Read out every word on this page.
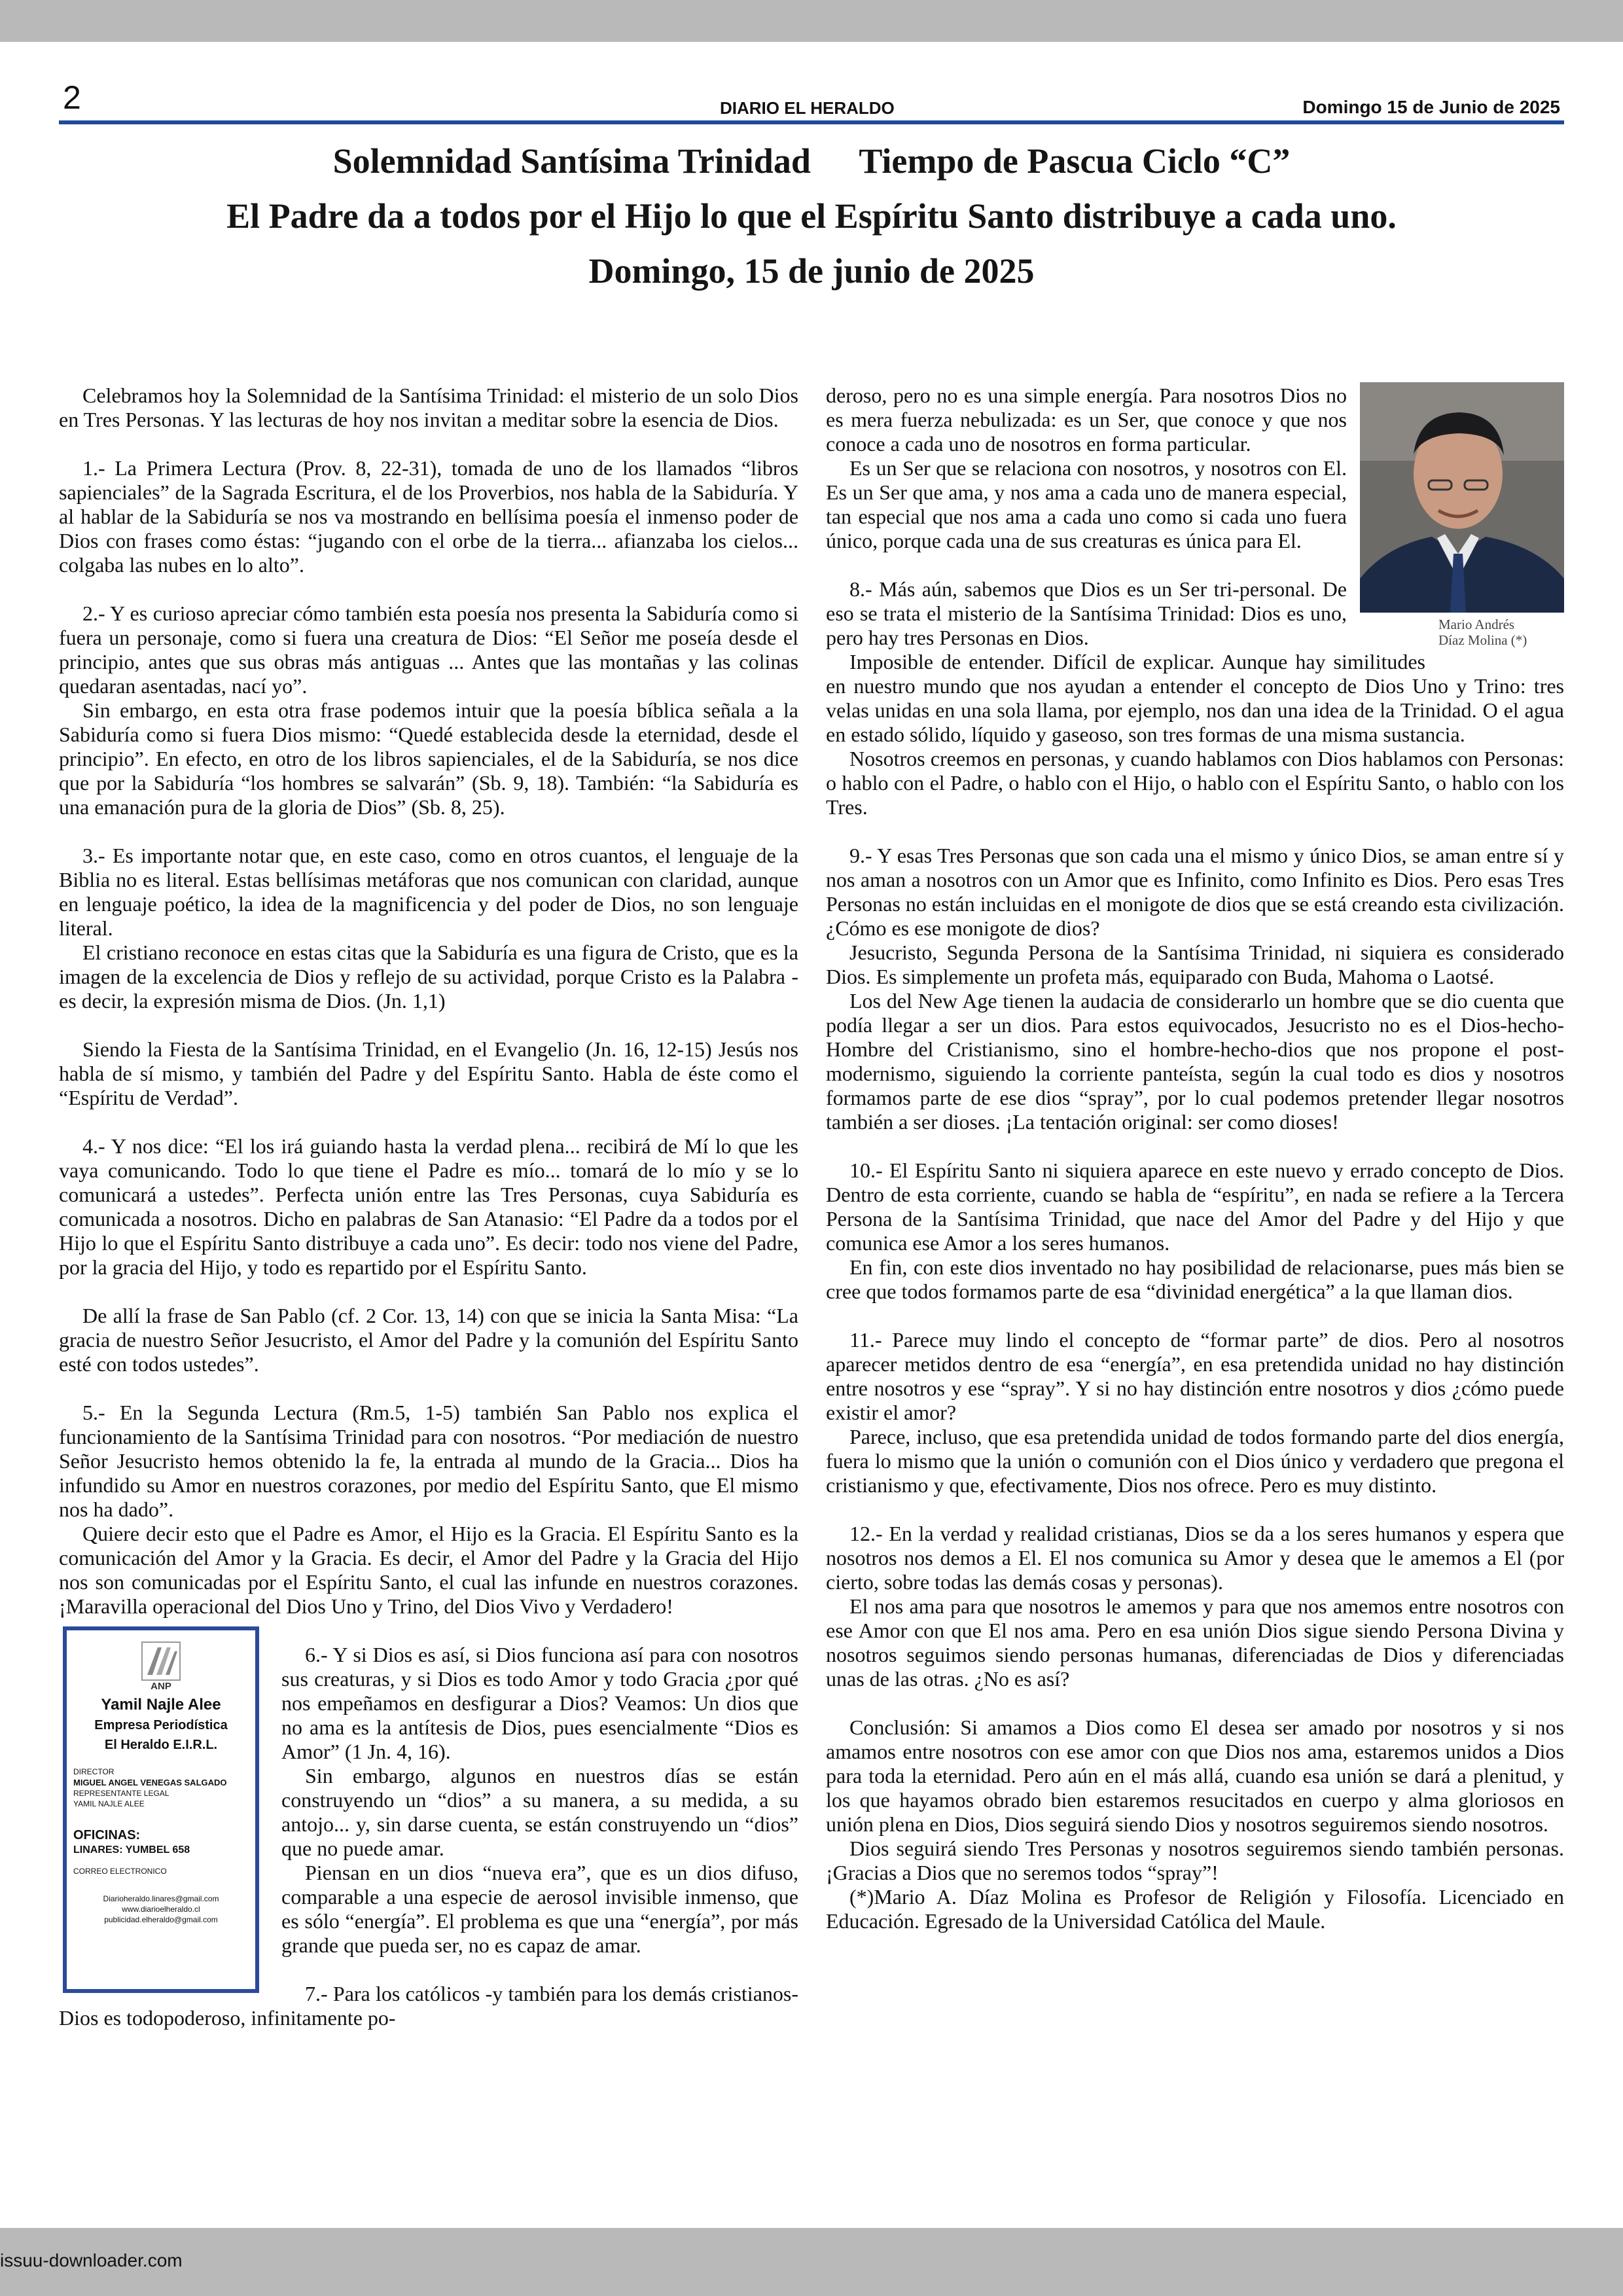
2	DIARIO EL HERALDO	Domingo 15 de Junio de 2025
Solemnidad Santísima Trinidad Tiempo de Pascua Ciclo “C”
El Padre da a todos por el Hijo lo que el Espíritu Santo distribuye a cada uno.
Domingo, 15 de junio de 2025

Celebramos hoy la Solemnidad de la Santísima Trinidad: el misterio de un solo Dios en Tres Personas. Y las lecturas de hoy nos invitan a meditar sobre la esencia de Dios.

1.- La Primera Lectura (Prov. 8, 22-31), tomada de uno de los llamados “libros sapienciales” de la Sagrada Escritura, el de los Proverbios, nos habla de la Sabiduría. Y al hablar de la Sabiduría se nos va mostrando en bellísima poesía el inmenso poder de Dios con frases como éstas: “jugando con el orbe de la tierra... afianzaba los cielos... colgaba las nubes en lo alto”.

2.- Y es curioso apreciar cómo también esta poesía nos presenta la Sabiduría como si fuera un personaje, como si fuera una creatura de Dios: “El Señor me poseía desde el principio, antes que sus obras más antiguas ... Antes que las montañas y las colinas quedaran asentadas, nací yo”.

Sin embargo, en esta otra frase podemos intuir que la poesía bíblica señala a la Sabiduría como si fuera Dios mismo: “Quedé establecida desde la eternidad, desde el principio”. En efecto, en otro de los libros sapienciales, el de la Sabiduría, se nos dice que por la Sabiduría “los hombres se salvarán” (Sb. 9, 18). También: “la Sabiduría es una emanación pura de la gloria de Dios” (Sb. 8, 25).

3.- Es importante notar que, en este caso, como en otros cuantos, el lenguaje de la Biblia no es literal. Estas bellísimas metáforas que nos comunican con claridad, aunque en lenguaje poético, la idea de la magnificencia y del poder de Dios, no son lenguaje literal.

El cristiano reconoce en estas citas que la Sabiduría es una figura de Cristo, que es la imagen de la excelencia de Dios y reflejo de su actividad, porque Cristo es la Palabra -es decir, la expresión misma de Dios. (Jn. 1,1)

Siendo la Fiesta de la Santísima Trinidad, en el Evangelio (Jn. 16, 12-15) Jesús nos habla de sí mismo, y también del Padre y del Espíritu Santo. Habla de éste como el “Espíritu de Verdad”.

4.- Y nos dice: “El los irá guiando hasta la verdad plena... recibirá de Mí lo que les vaya comunicando. Todo lo que tiene el Padre es mío... tomará de lo mío y se lo comunicará a ustedes”. Perfecta unión entre las Tres Personas, cuya Sabiduría es comunicada a nosotros. Dicho en palabras de San Atanasio: “El Padre da a todos por el Hijo lo que el Espíritu Santo distribuye a cada uno”. Es decir: todo nos viene del Padre, por la gracia del Hijo, y todo es repartido por el Espíritu Santo.

De allí la frase de San Pablo (cf. 2 Cor. 13, 14) con que se inicia la Santa Misa: “La gracia de nuestro Señor Jesucristo, el Amor del Padre y la comunión del Espíritu Santo esté con todos ustedes”.

5.- En la Segunda Lectura (Rm.5, 1-5) también San Pablo nos explica el funcionamiento de la Santísima Trinidad para con nosotros. “Por mediación de nuestro Señor Jesucristo hemos obtenido la fe, la entrada al mundo de la Gracia... Dios ha infundido su Amor en nuestros corazones, por medio del Espíritu Santo, que El mismo nos ha dado”.

Quiere decir esto que el Padre es Amor, el Hijo es la Gracia. El Espíritu Santo es la comunicación del Amor y la Gracia. Es decir, el Amor del Padre y la Gracia del Hijo nos son comunicadas por el Espíritu Santo, el cual las infunde en nuestros corazones. ¡Maravilla operacional del Dios Uno y Trino, del Dios Vivo y Verdadero!

ANP
Yamil Najle Alee
Empresa Periodística
El Heraldo E.I.R.L.
DIRECTOR
MIGUEL ANGEL VENEGAS SALGADO
REPRESENTANTE LEGAL
YAMIL NAJLE ALEE
OFICINAS:
LINARES: YUMBEL 658
CORREO ELECTRONICO
Diarioheraldo.linares@gmail.com
www.diarioelheraldo.cl
publicidad.elheraldo@gmail.com

6.- Y si Dios es así, si Dios funciona así para con nosotros sus creaturas, y si Dios es todo Amor y todo Gracia ¿por qué nos empeñamos en desfigurar a Dios? Veamos: Un dios que no ama es la antítesis de Dios, pues esencialmente “Dios es Amor” (1 Jn. 4, 16).

Sin embargo, algunos en nuestros días se están construyendo un “dios” a su manera, a su medida, a su antojo... y, sin darse cuenta, se están construyendo un “dios” que no puede amar.

Piensan en un dios “nueva era”, que es un dios difuso, comparable a una especie de aerosol invisible inmenso, que es sólo “energía”. El problema es que una “energía”, por más grande que pueda ser, no es capaz de amar.

7.- Para los católicos -y también para los demás cristianos- Dios es todopoderoso, infinitamente po-

Mario Andrés
Díaz Molina (*)

deroso, pero no es una simple energía. Para nosotros Dios no es mera fuerza nebulizada: es un Ser, que conoce y que nos conoce a cada uno de nosotros en forma particular.

Es un Ser que se relaciona con nosotros, y nosotros con El. Es un Ser que ama, y nos ama a cada uno de manera especial, tan especial que nos ama a cada uno como si cada uno fuera único, porque cada una de sus creaturas es única para El.

8.- Más aún, sabemos que Dios es un Ser tri-personal. De eso se trata el misterio de la Santísima Trinidad: Dios es uno, pero hay tres Personas en Dios.

Imposible de entender. Difícil de explicar. Aunque hay similitudes en nuestro mundo que nos ayudan a entender el concepto de Dios Uno y Trino: tres velas unidas en una sola llama, por ejemplo, nos dan una idea de la Trinidad. O el agua en estado sólido, líquido y gaseoso, son tres formas de una misma sustancia.

Nosotros creemos en personas, y cuando hablamos con Dios hablamos con Personas: o hablo con el Padre, o hablo con el Hijo, o hablo con el Espíritu Santo, o hablo con los Tres.

9.- Y esas Tres Personas que son cada una el mismo y único Dios, se aman entre sí y nos aman a nosotros con un Amor que es Infinito, como Infinito es Dios. Pero esas Tres Personas no están incluidas en el monigote de dios que se está creando esta civilización. ¿Cómo es ese monigote de dios?

Jesucristo, Segunda Persona de la Santísima Trinidad, ni siquiera es considerado Dios. Es simplemente un profeta más, equiparado con Buda, Mahoma o Laotsé.

Los del New Age tienen la audacia de considerarlo un hombre que se dio cuenta que podía llegar a ser un dios. Para estos equivocados, Jesucristo no es el Dios-hecho-Hombre del Cristianismo, sino el hombre-hecho-dios que nos propone el post-modernismo, siguiendo la corriente panteísta, según la cual todo es dios y nosotros formamos parte de ese dios “spray”, por lo cual podemos pretender llegar nosotros también a ser dioses. ¡La tentación original: ser como dioses!

10.- El Espíritu Santo ni siquiera aparece en este nuevo y errado concepto de Dios. Dentro de esta corriente, cuando se habla de “espíritu”, en nada se refiere a la Tercera Persona de la Santísima Trinidad, que nace del Amor del Padre y del Hijo y que comunica ese Amor a los seres humanos.

En fin, con este dios inventado no hay posibilidad de relacionarse, pues más bien se cree que todos formamos parte de esa “divinidad energética” a la que llaman dios.

11.- Parece muy lindo el concepto de “formar parte” de dios. Pero al nosotros aparecer metidos dentro de esa “energía”, en esa pretendida unidad no hay distinción entre nosotros y ese “spray”. Y si no hay distinción entre nosotros y dios ¿cómo puede existir el amor?

Parece, incluso, que esa pretendida unidad de todos formando parte del dios energía, fuera lo mismo que la unión o comunión con el Dios único y verdadero que pregona el cristianismo y que, efectivamente, Dios nos ofrece. Pero es muy distinto.

12.- En la verdad y realidad cristianas, Dios se da a los seres humanos y espera que nosotros nos demos a El. El nos comunica su Amor y desea que le amemos a El (por cierto, sobre todas las demás cosas y personas).

El nos ama para que nosotros le amemos y para que nos amemos entre nosotros con ese Amor con que El nos ama. Pero en esa unión Dios sigue siendo Persona Divina y nosotros seguimos siendo personas humanas, diferenciadas de Dios y diferenciadas unas de las otras. ¿No es así?

Conclusión: Si amamos a Dios como El desea ser amado por nosotros y si nos amamos entre nosotros con ese amor con que Dios nos ama, estaremos unidos a Dios para toda la eternidad. Pero aún en el más allá, cuando esa unión se dará a plenitud, y los que hayamos obrado bien estaremos resucitados en cuerpo y alma gloriosos en unión plena en Dios, Dios seguirá siendo Dios y nosotros seguiremos siendo nosotros.

Dios seguirá siendo Tres Personas y nosotros seguiremos siendo también personas. ¡Gracias a Dios que no seremos todos “spray”!

(*)Mario A. Díaz Molina es Profesor de Religión y Filosofía. Licenciado en Educación. Egresado de la Universidad Católica del Maule.

issuu-downloader.com
